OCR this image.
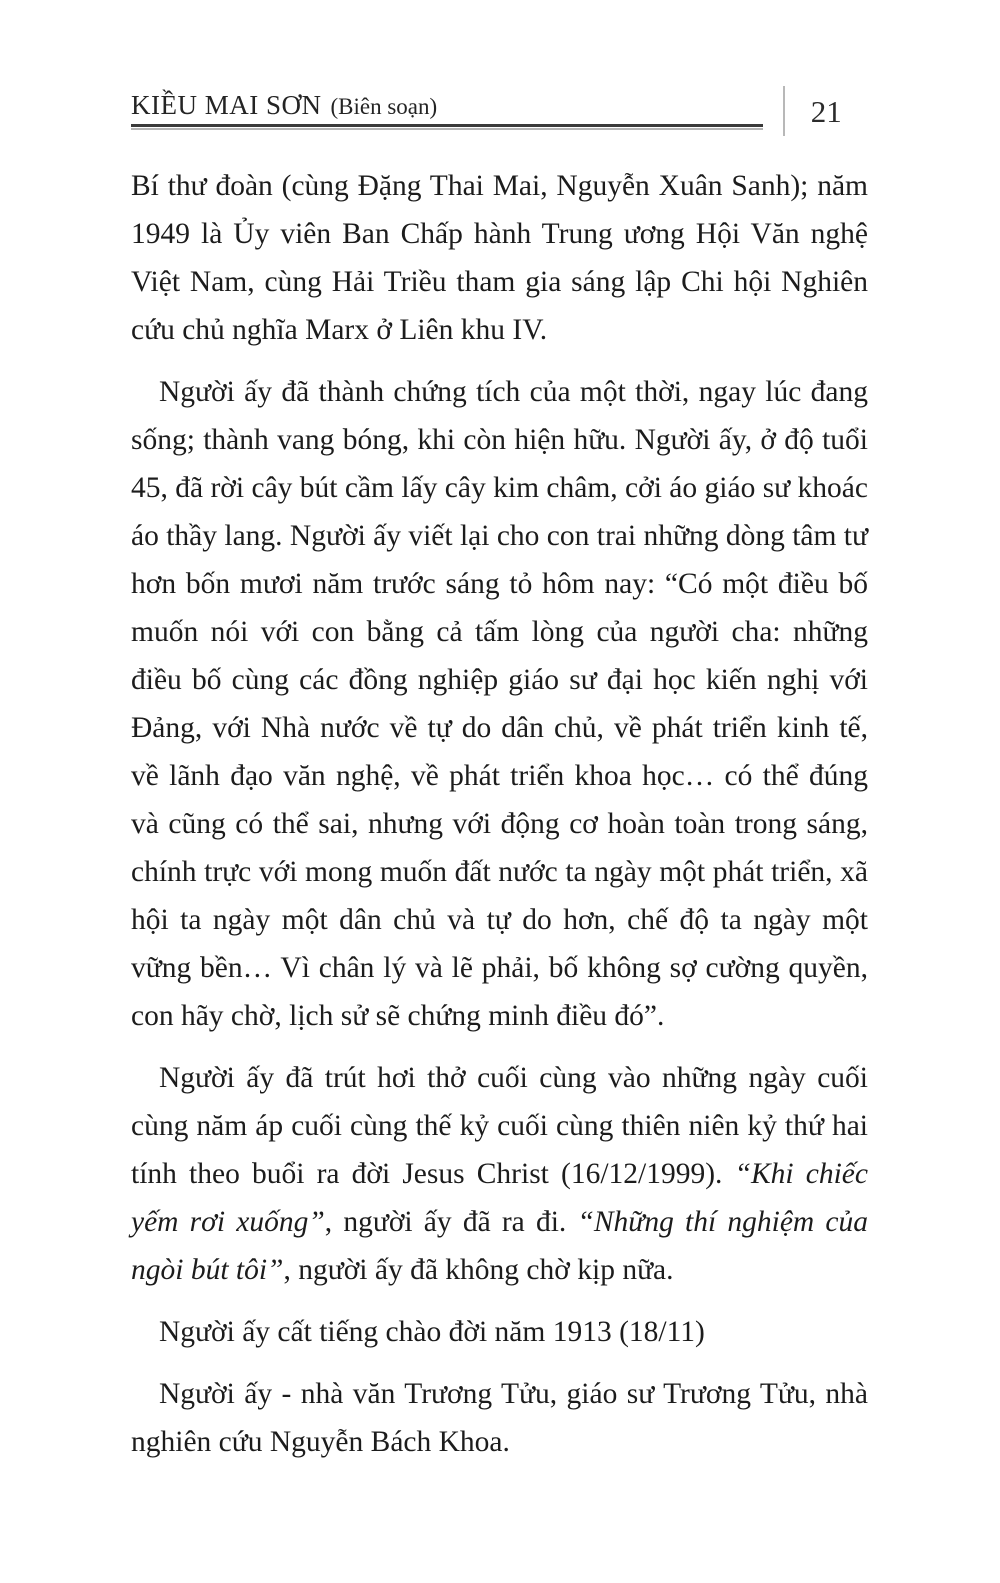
KIỀU MAI SƠN (Biên soạn)	21

Bí thư đoàn (cùng Đặng Thai Mai, Nguyễn Xuân Sanh); năm 1949 là Ủy viên Ban Chấp hành Trung ương Hội Văn nghệ Việt Nam, cùng Hải Triều tham gia sáng lập Chi hội Nghiên cứu chủ nghĩa Marx ở Liên khu IV.

Người ấy đã thành chứng tích của một thời, ngay lúc đang sống; thành vang bóng, khi còn hiện hữu. Người ấy, ở độ tuổi 45, đã rời cây bút cầm lấy cây kim châm, cởi áo giáo sư khoác áo thầy lang. Người ấy viết lại cho con trai những dòng tâm tư hơn bốn mươi năm trước sáng tỏ hôm nay: “Có một điều bố muốn nói với con bằng cả tấm lòng của người cha: những điều bố cùng các đồng nghiệp giáo sư đại học kiến nghị với Đảng, với Nhà nước về tự do dân chủ, về phát triển kinh tế, về lãnh đạo văn nghệ, về phát triển khoa học… có thể đúng và cũng có thể sai, nhưng với động cơ hoàn toàn trong sáng, chính trực với mong muốn đất nước ta ngày một phát triển, xã hội ta ngày một dân chủ và tự do hơn, chế độ ta ngày một vững bền… Vì chân lý và lẽ phải, bố không sợ cường quyền, con hãy chờ, lịch sử sẽ chứng minh điều đó”.

Người ấy đã trút hơi thở cuối cùng vào những ngày cuối cùng năm áp cuối cùng thế kỷ cuối cùng thiên niên kỷ thứ hai tính theo buổi ra đời Jesus Christ (16/12/1999). “Khi chiếc yếm rơi xuống”, người ấy đã ra đi. “Những thí nghiệm của ngòi bút tôi”, người ấy đã không chờ kịp nữa.

Người ấy cất tiếng chào đời năm 1913 (18/11)

Người ấy - nhà văn Trương Tửu, giáo sư Trương Tửu, nhà nghiên cứu Nguyễn Bách Khoa.
